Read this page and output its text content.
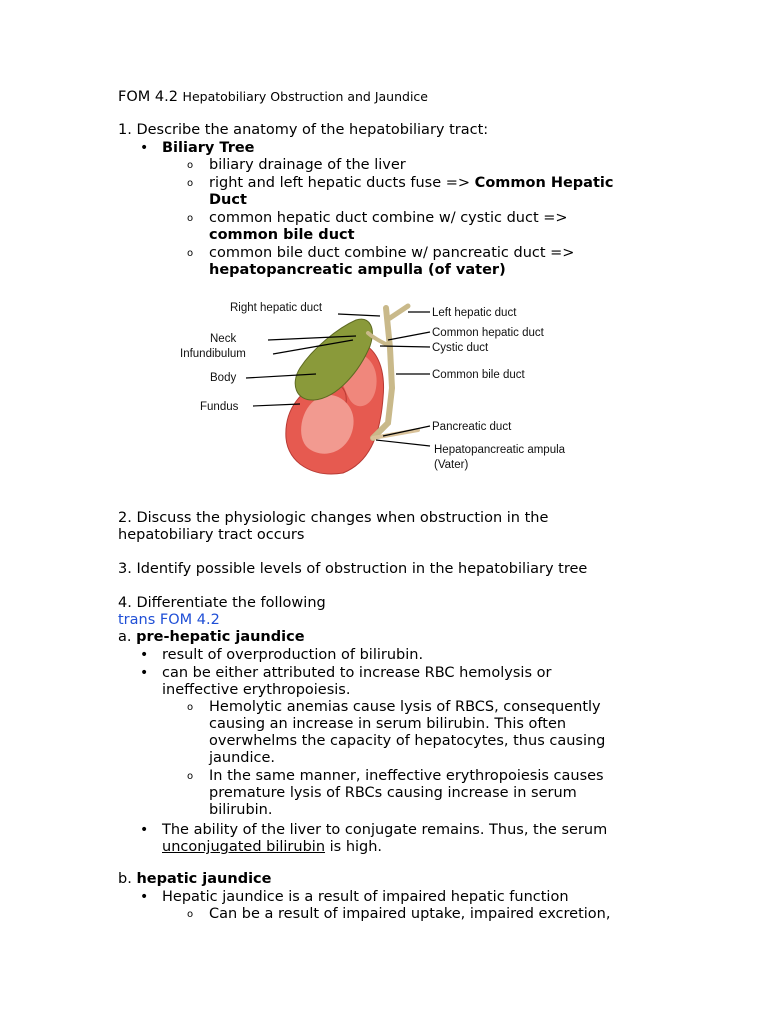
FOM 4.2 Hepatobiliary Obstruction and Jaundice
1. Describe the anatomy of the hepatobiliary tract:
• Biliary Tree
o biliary drainage of the liver
o right and left hepatic ducts fuse => Common Hepatic
Duct
o common hepatic duct combine w/ cystic duct =>
common bile duct
o common bile duct combine w/ pancreatic duct =>
hepatopancreatic ampulla (of vater)
Right hepatic duct
Neck
Infundibulum
Body
Fundus
Left hepatic duct
Common hepatic duct
Cystic duct
Common bile duct
Pancreatic duct
Hepatopancreatic ampula
(Vater)
2. Discuss the physiologic changes when obstruction in the
hepatobiliary tract occurs
3. Identify possible levels of obstruction in the hepatobiliary tree
4. Differentiate the following
trans FOM 4.2
a. pre-hepatic jaundice
• result of overproduction of bilirubin.
• can be either attributed to increase RBC hemolysis or
ineffective erythropoiesis.
o Hemolytic anemias cause lysis of RBCS, consequently
causing an increase in serum bilirubin. This often
overwhelms the capacity of hepatocytes, thus causing
jaundice.
o In the same manner, ineffective erythropoiesis causes
premature lysis of RBCs causing increase in serum
bilirubin.
• The ability of the liver to conjugate remains. Thus, the serum
unconjugated bilirubin is high.
b. hepatic jaundice
• Hepatic jaundice is a result of impaired hepatic function
o Can be a result of impaired uptake, impaired excretion,
